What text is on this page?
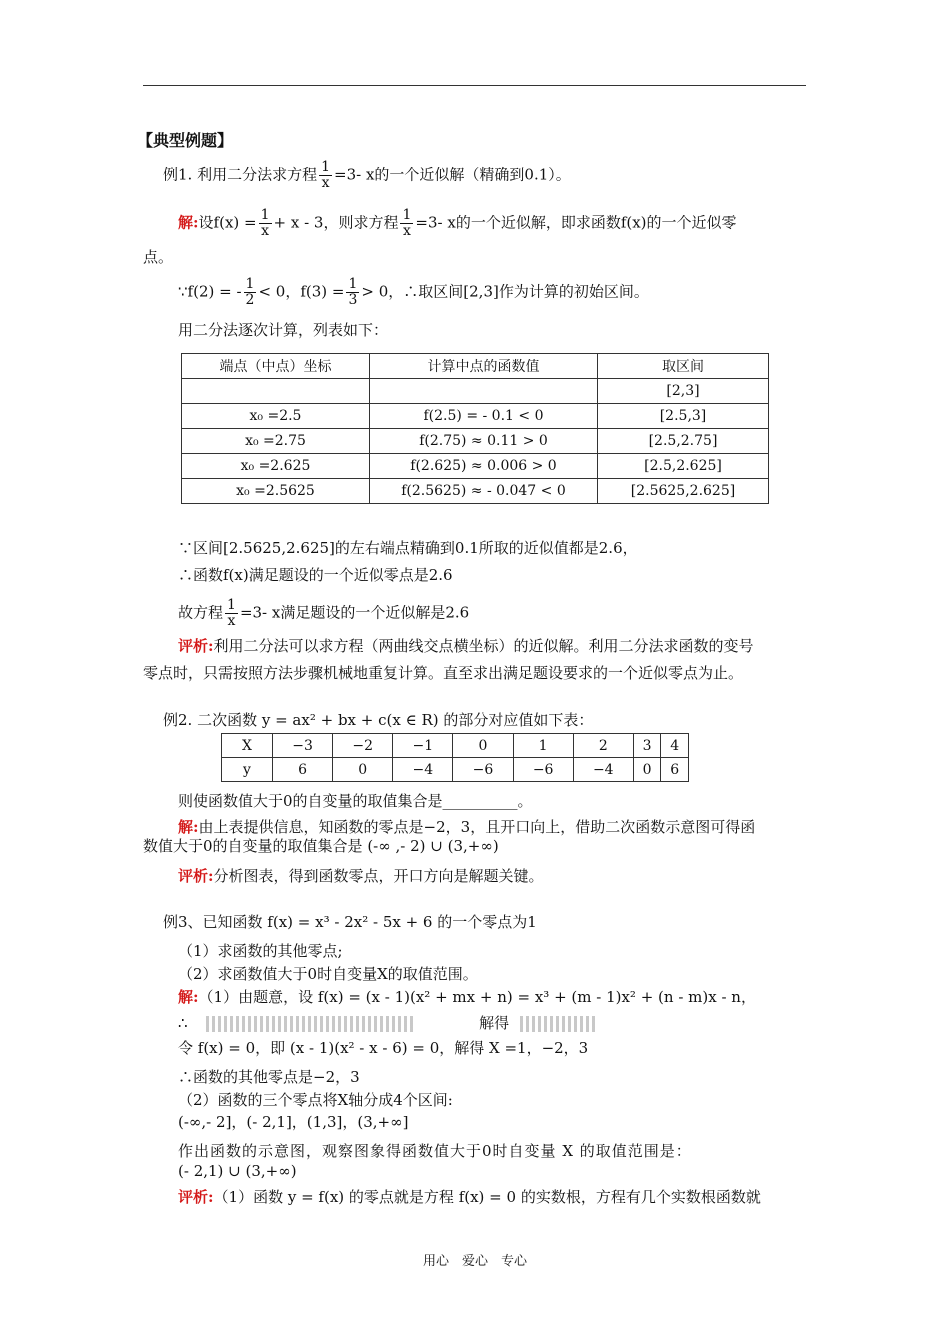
【典型例题】
例1. 利用二分法求方程 $\frac{1}{x} =3-$ x的一个近似解（精确到0.1）。
解:设$f(x) = \frac{1}{x} + x - 3$，则求方程 $\frac{1}{x} =3-$ x的一个近似解，即求函数f(x)的一个近似零
点。
∵f(2) = - $\frac{1}{2} < 0$，$f(3) = \frac{1}{3} > 0$，∴取区间[2,3]作为计算的初始区间。
用二分法逐次计算，列表如下：
端点（中点）坐标	计算中点的函数值	取区间
		[2,3]
x₀ =2.5	f(2.5) = - 0.1 < 0	[2.5,3]
x₀ =2.75	f(2.75) ≈ 0.11 > 0	[2.5,2.75]
x₀ =2.625	f(2.625) ≈ 0.006 > 0	[2.5,2.625]
x₀ =2.5625	f(2.5625) ≈ - 0.047 < 0	[2.5625,2.625]
∵区间[2.5625,2.625]的左右端点精确到0.1所取的近似值都是2.6，
∴函数f(x)满足题设的一个近似零点是2.6
故方程 $\frac{1}{x} =3-$ x满足题设的一个近似解是2.6
评析:利用二分法可以求方程（两曲线交点横坐标）的近似解。利用二分法求函数的变号
零点时，只需按照方法步骤机械地重复计算。直至求出满足题设要求的一个近似零点为止。
例2. 二次函数 y = ax² + bx + c(x ∈ R) 的部分对应值如下表：
X	−3	−2	−1	0	1	2	3	4
y	6	0	−4	−6	−6	−4	0	6
则使函数值大于0的自变量的取值集合是__________。
解:由上表提供信息，知函数的零点是−2，3，且开口向上，借助二次函数示意图可得函
数值大于0的自变量的取值集合是 (-∞ ,- 2) ∪ (3,+∞)
评析:分析图表，得到函数零点，开口方向是解题关键。
例3、已知函数 f(x) = x³ - 2x² - 5x + 6 的一个零点为1
（1）求函数的其他零点;
（2）求函数值大于0时自变量X的取值范围。
解:（1）由题意，设 f(x) = (x - 1)(x² + mx + n) = x³ + (m - 1)x² + (n - m)x - n，
∴	解得
令 f(x) = 0，即 (x - 1)(x² - x - 6) = 0，解得 X =1，−2，3
∴函数的其他零点是−2，3
（2）函数的三个零点将X轴分成4个区间:
(-∞,- 2]，(- 2,1]，(1,3]，(3,+∞]
作出函数的示意图，观察图象得函数值大于0时自变量 X 的取值范围是：
(- 2,1) ∪ (3,+∞)
评析:（1）函数 y = f(x) 的零点就是方程 f(x) = 0 的实数根，方程有几个实数根函数就
用心　爱心　专心
